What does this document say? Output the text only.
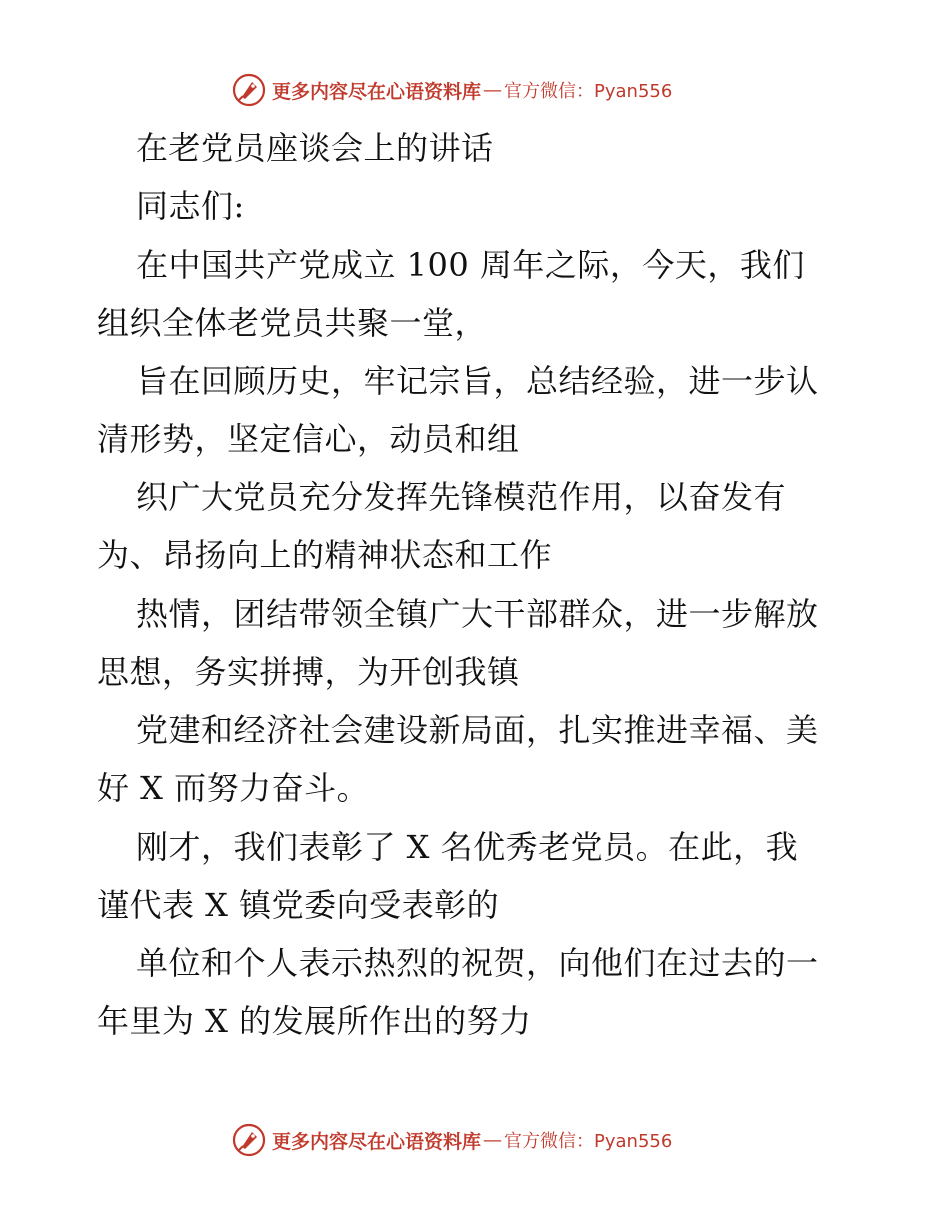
更多内容尽在心语资料库 — 官方微信：Pyan556
在老党员座谈会上的讲话
同志们:
在中国共产党成立 100 周年之际，今天，我们
组织全体老党员共聚一堂，
旨在回顾历史，牢记宗旨，总结经验，进一步认
清形势，坚定信心，动员和组
织广大党员充分发挥先锋模范作用，以奋发有
为、昂扬向上的精神状态和工作
热情，团结带领全镇广大干部群众，进一步解放
思想，务实拼搏，为开创我镇
党建和经济社会建设新局面，扎实推进幸福、美
好 X 而努力奋斗。
刚才，我们表彰了 X 名优秀老党员。在此，我
谨代表 X 镇党委向受表彰的
单位和个人表示热烈的祝贺，向他们在过去的一
年里为 X 的发展所作出的努力
更多内容尽在心语资料库 — 官方微信：Pyan556
